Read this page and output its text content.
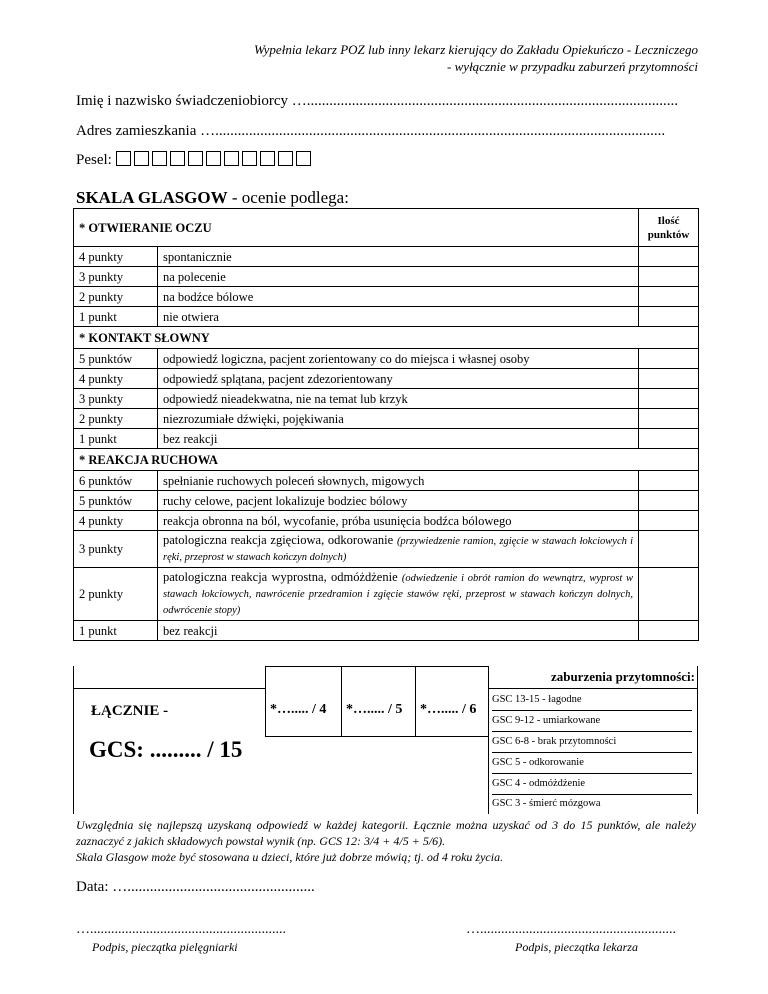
Wypełnia lekarz POZ lub inny lekarz kierujący do Zakładu Opiekuńczo - Leczniczego
- wyłącznie w przypadku zaburzeń przytomności
Imię i nazwisko świadczeniobiorcy …...................................................................................................
Adres zamieszkania …........................................................................................................................
Pesel:
SKALA GLASGOW - ocenie podlega:
* OTWIERANIE OCZU		Ilość punktów
4 punkty	spontanicznie	
3 punkty	na polecenie	
2 punkty	na bodźce bólowe	
1 punkt	nie otwiera	
* KONTAKT SŁOWNY		
5 punktów	odpowiedź logiczna, pacjent zorientowany co do miejsca i własnej osoby	
4 punkty	odpowiedź splątana, pacjent zdezorientowany	
3 punkty	odpowiedź nieadekwatna, nie na temat lub krzyk	
2 punkty	niezrozumiałe dźwięki, pojękiwania	
1 punkt	bez reakcji	
* REAKCJA RUCHOWA		
6 punktów	spełnianie ruchowych poleceń słownych, migowych	
5 punktów	ruchy celowe, pacjent lokalizuje bodziec bólowy	
4 punkty	reakcja obronna na ból, wycofanie, próba usunięcia bodźca bólowego	
3 punkty	patologiczna reakcja zgięciowa, odkorowanie (przywiedzenie ramion, zgięcie w stawach łokciowych i ręki, przeprost w stawach kończyn dolnych)	
2 punkty	patologiczna reakcja wyprostna, odmóżdżenie (odwiedzenie i obrót ramion do wewnątrz, wyprost w stawach łokciowych, nawrócenie przedramion i zgięcie stawów ręki, przeprost w stawach kończyn dolnych, odwrócenie stopy)	
1 punkt	bez reakcji	
ŁĄCZNIE -
GCS: ......... / 15
*…..... / 4	*…..... / 5	*…..... / 6
zaburzenia przytomności:
GSC 13-15 - łagodne
GSC 9-12 - umiarkowane
GSC 6-8 - brak przytomności
GSC 5 - odkorowanie
GSC 4 - odmóżdżenie
GSC 3 - śmierć mózgowa
Uwzględnia się najlepszą uzyskaną odpowiedź w każdej kategorii. Łącznie można uzyskać od 3 do 15 punktów, ale należy zaznaczyć z jakich składowych powstał wynik (np. GCS 12: 3/4 + 4/5 + 5/6).
Skala Glasgow może być stosowana u dzieci, które już dobrze mówią; tj. od 4 roku życia.
Data: …..................................................
…........................................................
Podpis, pieczątka pielęgniarki
…........................................................
Podpis, pieczątka lekarza
